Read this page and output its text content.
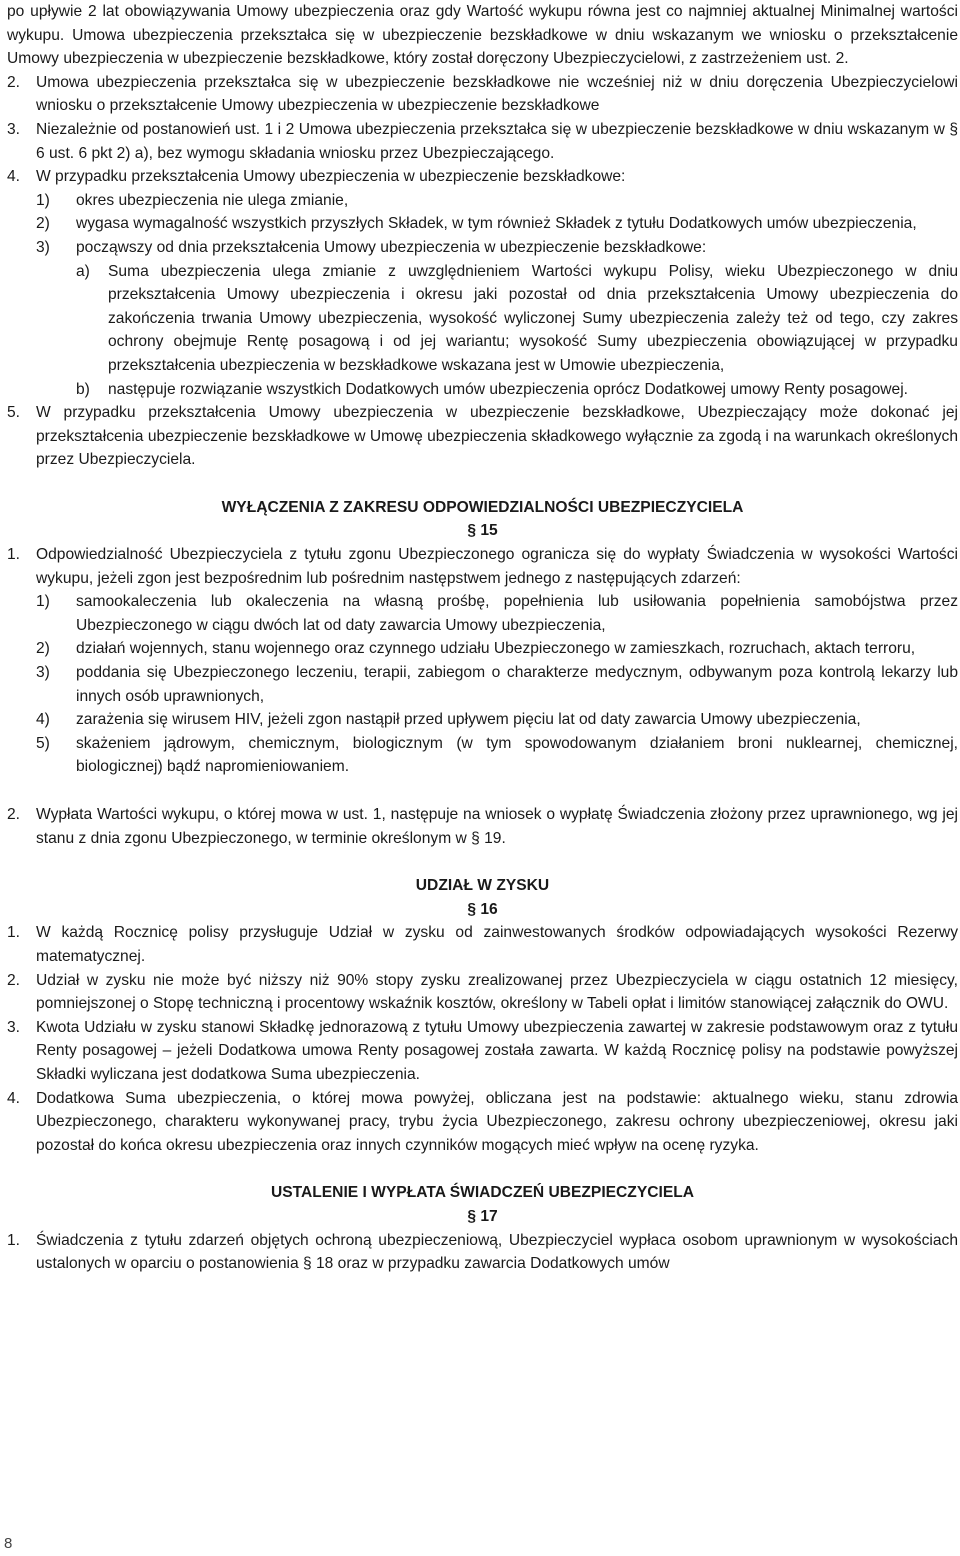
po upływie 2 lat obowiązywania Umowy ubezpieczenia oraz gdy Wartość wykupu równa jest co najmniej aktualnej Minimalnej wartości wykupu. Umowa ubezpieczenia przekształca się w ubezpieczenie bezskładkowe w dniu wskazanym we wniosku o przekształcenie Umowy ubezpieczenia w ubezpieczenie bezskładkowe, który został doręczony Ubezpieczycielowi, z zastrzeżeniem ust. 2.
2.	Umowa ubezpieczenia przekształca się w ubezpieczenie bezskładkowe nie wcześniej niż w dniu doręczenia Ubezpieczycielowi wniosku o przekształcenie Umowy ubezpieczenia w ubezpieczenie bezskładkowe
3.	Niezależnie od postanowień ust. 1 i 2 Umowa ubezpieczenia przekształca się w ubezpieczenie bezskładkowe w dniu wskazanym w § 6 ust. 6 pkt 2) a), bez wymogu składania wniosku przez Ubezpieczającego.
4.	W przypadku przekształcenia Umowy ubezpieczenia w ubezpieczenie bezskładkowe:
1)	okres ubezpieczenia nie ulega zmianie,
2)	wygasa wymagalność wszystkich przyszłych Składek, w tym również Składek z tytułu Dodatkowych umów ubezpieczenia,
3)	począwszy od dnia przekształcenia Umowy ubezpieczenia w ubezpieczenie bezskładkowe:
a)	Suma ubezpieczenia ulega zmianie z uwzględnieniem Wartości wykupu Polisy, wieku Ubezpieczonego w dniu przekształcenia Umowy ubezpieczenia i okresu jaki pozostał od dnia przekształcenia Umowy ubezpieczenia do zakończenia trwania Umowy ubezpieczenia, wysokość wyliczonej Sumy ubezpieczenia zależy też od tego, czy zakres ochrony obejmuje Rentę posagową i od jej wariantu; wysokość Sumy ubezpieczenia obowiązującej w przypadku przekształcenia ubezpieczenia w bezskładkowe wskazana jest w Umowie ubezpieczenia,
b)	następuje rozwiązanie wszystkich Dodatkowych umów ubezpieczenia oprócz Dodatkowej umowy Renty posagowej.
5.	W przypadku przekształcenia Umowy ubezpieczenia w ubezpieczenie bezskładkowe, Ubezpieczający może dokonać jej przekształcenia ubezpieczenie bezskładkowe w Umowę ubezpieczenia składkowego wyłącznie za zgodą i na warunkach określonych przez Ubezpieczyciela.
WYŁĄCZENIA Z ZAKRESU ODPOWIEDZIALNOŚCI UBEZPIECZYCIELA
§ 15
1.	Odpowiedzialność Ubezpieczyciela z tytułu zgonu Ubezpieczonego ogranicza się do wypłaty Świadczenia w wysokości Wartości wykupu, jeżeli zgon jest bezpośrednim lub pośrednim następstwem jednego z następujących zdarzeń:
1)	samookaleczenia lub okaleczenia na własną prośbę, popełnienia lub usiłowania popełnienia samobójstwa przez Ubezpieczonego w ciągu dwóch lat od daty zawarcia Umowy ubezpieczenia,
2)	działań wojennych, stanu wojennego oraz czynnego udziału Ubezpieczonego w zamieszkach, rozruchach, aktach terroru,
3)	poddania się Ubezpieczonego leczeniu, terapii, zabiegom o charakterze medycznym, odbywanym poza kontrolą lekarzy lub innych osób uprawnionych,
4)	zarażenia się wirusem HIV, jeżeli zgon nastąpił przed upływem pięciu lat od daty zawarcia Umowy ubezpieczenia,
5)	skażeniem jądrowym, chemicznym, biologicznym (w tym spowodowanym działaniem broni nuklearnej, chemicznej, biologicznej) bądź napromieniowaniem.
2.	Wypłata Wartości wykupu, o której mowa w ust. 1, następuje na wniosek o wypłatę Świadczenia złożony przez uprawnionego, wg jej stanu z dnia zgonu Ubezpieczonego, w terminie określonym w § 19.
UDZIAŁ W ZYSKU
§ 16
1.	W każdą Rocznicę polisy przysługuje Udział w zysku od zainwestowanych środków odpowiadających wysokości Rezerwy matematycznej.
2.	Udział w zysku nie może być niższy niż 90% stopy zysku zrealizowanej przez Ubezpieczyciela w ciągu ostatnich 12 miesięcy, pomniejszonej o Stopę techniczną i procentowy wskaźnik kosztów, określony w Tabeli opłat i limitów stanowiącej załącznik do OWU.
3.	Kwota Udziału w zysku stanowi Składkę jednorazową z tytułu Umowy ubezpieczenia zawartej w zakresie podstawowym oraz z tytułu Renty posagowej – jeżeli Dodatkowa umowa Renty posagowej została zawarta. W każdą Rocznicę polisy na podstawie powyższej Składki wyliczana jest dodatkowa Suma ubezpieczenia.
4.	Dodatkowa Suma ubezpieczenia, o której mowa powyżej, obliczana jest na podstawie: aktualnego wieku, stanu zdrowia Ubezpieczonego, charakteru wykonywanej pracy, trybu życia Ubezpieczonego, zakresu ochrony ubezpieczeniowej, okresu jaki pozostał do końca okresu ubezpieczenia oraz innych czynników mogących mieć wpływ na ocenę ryzyka.
USTALENIE I WYPŁATA ŚWIADCZEŃ UBEZPIECZYCIELA
§ 17
1.	Świadczenia z tytułu zdarzeń objętych ochroną ubezpieczeniową, Ubezpieczyciel wypłaca osobom uprawnionym w wysokościach ustalonych w oparciu o postanowienia § 18 oraz w przypadku zawarcia Dodatkowych umów
8
